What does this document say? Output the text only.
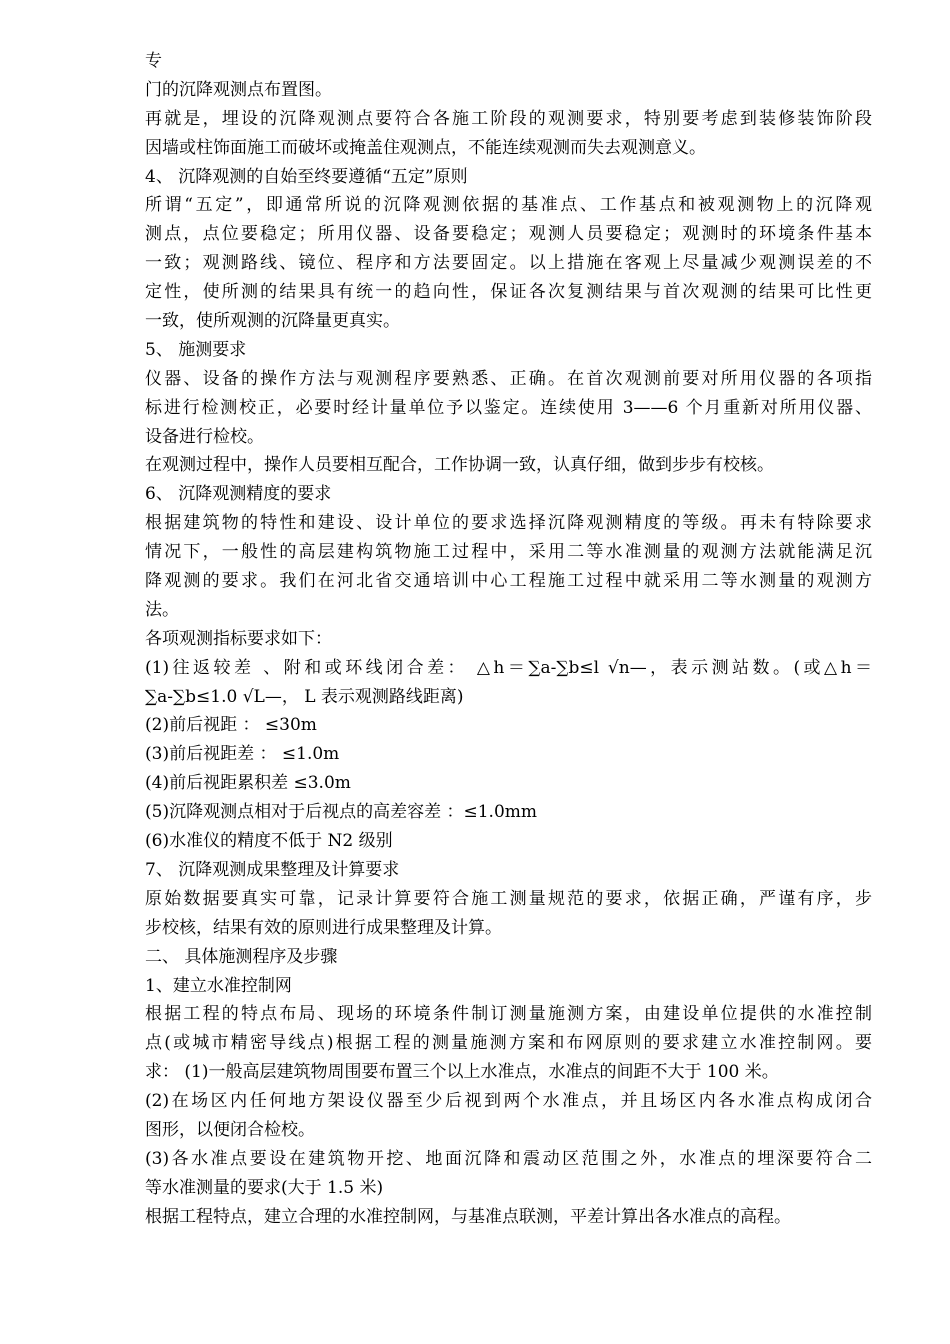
专
门的沉降观测点布置图。
再就是，埋设的沉降观测点要符合各施工阶段的观测要求，特别要考虑到装修装饰阶段
因墙或柱饰面施工而破坏或掩盖住观测点，不能连续观测而失去观测意义。
4、 沉降观测的自始至终要遵循“五定”原则
所谓“五定”，即通常所说的沉降观测依据的基准点、工作基点和被观测物上的沉降观
测点，点位要稳定；所用仪器、设备要稳定；观测人员要稳定；观测时的环境条件基本
一致；观测路线、镜位、程序和方法要固定。以上措施在客观上尽量减少观测误差的不
定性，使所测的结果具有统一的趋向性，保证各次复测结果与首次观测的结果可比性更
一致，使所观测的沉降量更真实。
5、 施测要求
仪器、设备的操作方法与观测程序要熟悉、正确。在首次观测前要对所用仪器的各项指
标进行检测校正，必要时经计量单位予以鉴定。连续使用 3——6 个月重新对所用仪器、
设备进行检校。
在观测过程中，操作人员要相互配合，工作协调一致，认真仔细，做到步步有校核。
6、 沉降观测精度的要求
根据建筑物的特性和建设、设计单位的要求选择沉降观测精度的等级。再未有特除要求
情况下，一般性的高层建构筑物施工过程中，采用二等水准测量的观测方法就能满足沉
降观测的要求。我们在河北省交通培训中心工程施工过程中就采用二等水测量的观测方
法。
各项观测指标要求如下：
(1)往返较差 、附和或环线闭合差： △h＝∑a-∑b≤l √n—，表示测站数。(或△h＝
∑a-∑b≤1.0 √L—， L 表示观测路线距离)
(2)前后视距 ： ≤30m
(3)前后视距差 ： ≤1.0m
(4)前后视距累积差 ≤3.0m
(5)沉降观测点相对于后视点的高差容差 ：≤1.0mm
(6)水准仪的精度不低于 N2 级别
7、 沉降观测成果整理及计算要求
原始数据要真实可靠，记录计算要符合施工测量规范的要求，依据正确，严谨有序，步
步校核，结果有效的原则进行成果整理及计算。
二、 具体施测程序及步骤
1、建立水准控制网
根据工程的特点布局、现场的环境条件制订测量施测方案，由建设单位提供的水准控制
点(或城市精密导线点)根据工程的测量施测方案和布网原则的要求建立水准控制网。要
求： (1)一般高层建筑物周围要布置三个以上水准点，水准点的间距不大于 100 米。
(2)在场区内任何地方架设仪器至少后视到两个水准点，并且场区内各水准点构成闭合
图形，以便闭合检校。
(3)各水准点要设在建筑物开挖、地面沉降和震动区范围之外，水准点的埋深要符合二
等水准测量的要求(大于 1.5 米)
根据工程特点，建立合理的水准控制网，与基准点联测，平差计算出各水准点的高程。
